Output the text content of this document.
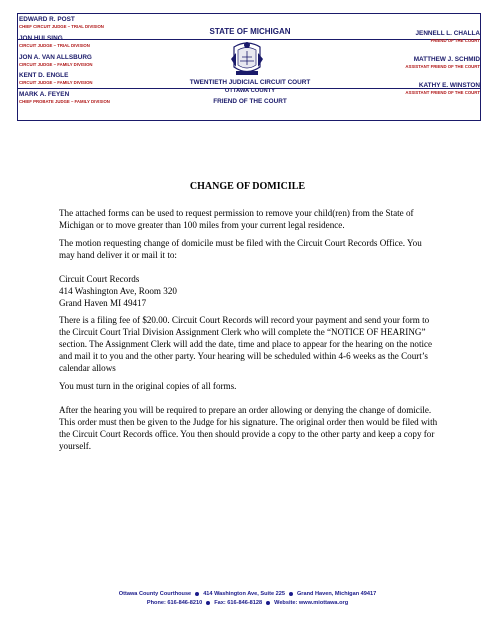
EDWARD R. POST
CHIEF CIRCUIT JUDGE – TRIAL DIVISION
JON HULSING
CIRCUIT JUDGE – TRIAL DIVISION
JON A. VAN ALLSBURG
CIRCUIT JUDGE – FAMILY DIVISION
KENT D. ENGLE
CIRCUIT JUDGE – FAMILY DIVISION
MARK A. FEYEN
CHIEF PROBATE JUDGE – FAMILY DIVISION
STATE OF MICHIGAN
TWENTIETH JUDICIAL CIRCUIT COURT
OTTAWA COUNTY
FRIEND OF THE COURT
JENNELL L. CHALLA
FRIEND OF THE COURT
MATTHEW J. SCHMID
ASSISTANT FRIEND OF THE COURT
KATHY E. WINSTON
ASSISTANT FRIEND OF THE COURT
CHANGE OF DOMICILE

The attached forms can be used to request permission to remove your child(ren) from the State of Michigan or to move greater than 100 miles from your current legal residence.

The motion requesting change of domicile must be filed with the Circuit Court Records Office. You may hand deliver it or mail it to:

Circuit Court Records
414 Washington Ave, Room 320
Grand Haven MI 49417

There is a filing fee of $20.00. Circuit Court Records will record your payment and send your form to the Circuit Court Trial Division Assignment Clerk who will complete the “NOTICE OF HEARING” section. The Assignment Clerk will add the date, time and place to appear for the hearing on the notice and mail it to you and the other party. Your hearing will be scheduled within 4-6 weeks as the Court’s calendar allows

You must turn in the original copies of all forms.

After the hearing you will be required to prepare an order allowing or denying the change of domicile. This order must then be given to the Judge for his signature. The original order then would be filed with the Circuit Court Records office. You then should provide a copy to the other party and keep a copy for yourself.

Ottawa County Courthouse 414 Washington Ave, Suite 225 Grand Haven, Michigan 49417
Phone: 616-846-8210 Fax: 616-846-8128 Website: www.miottawa.org
